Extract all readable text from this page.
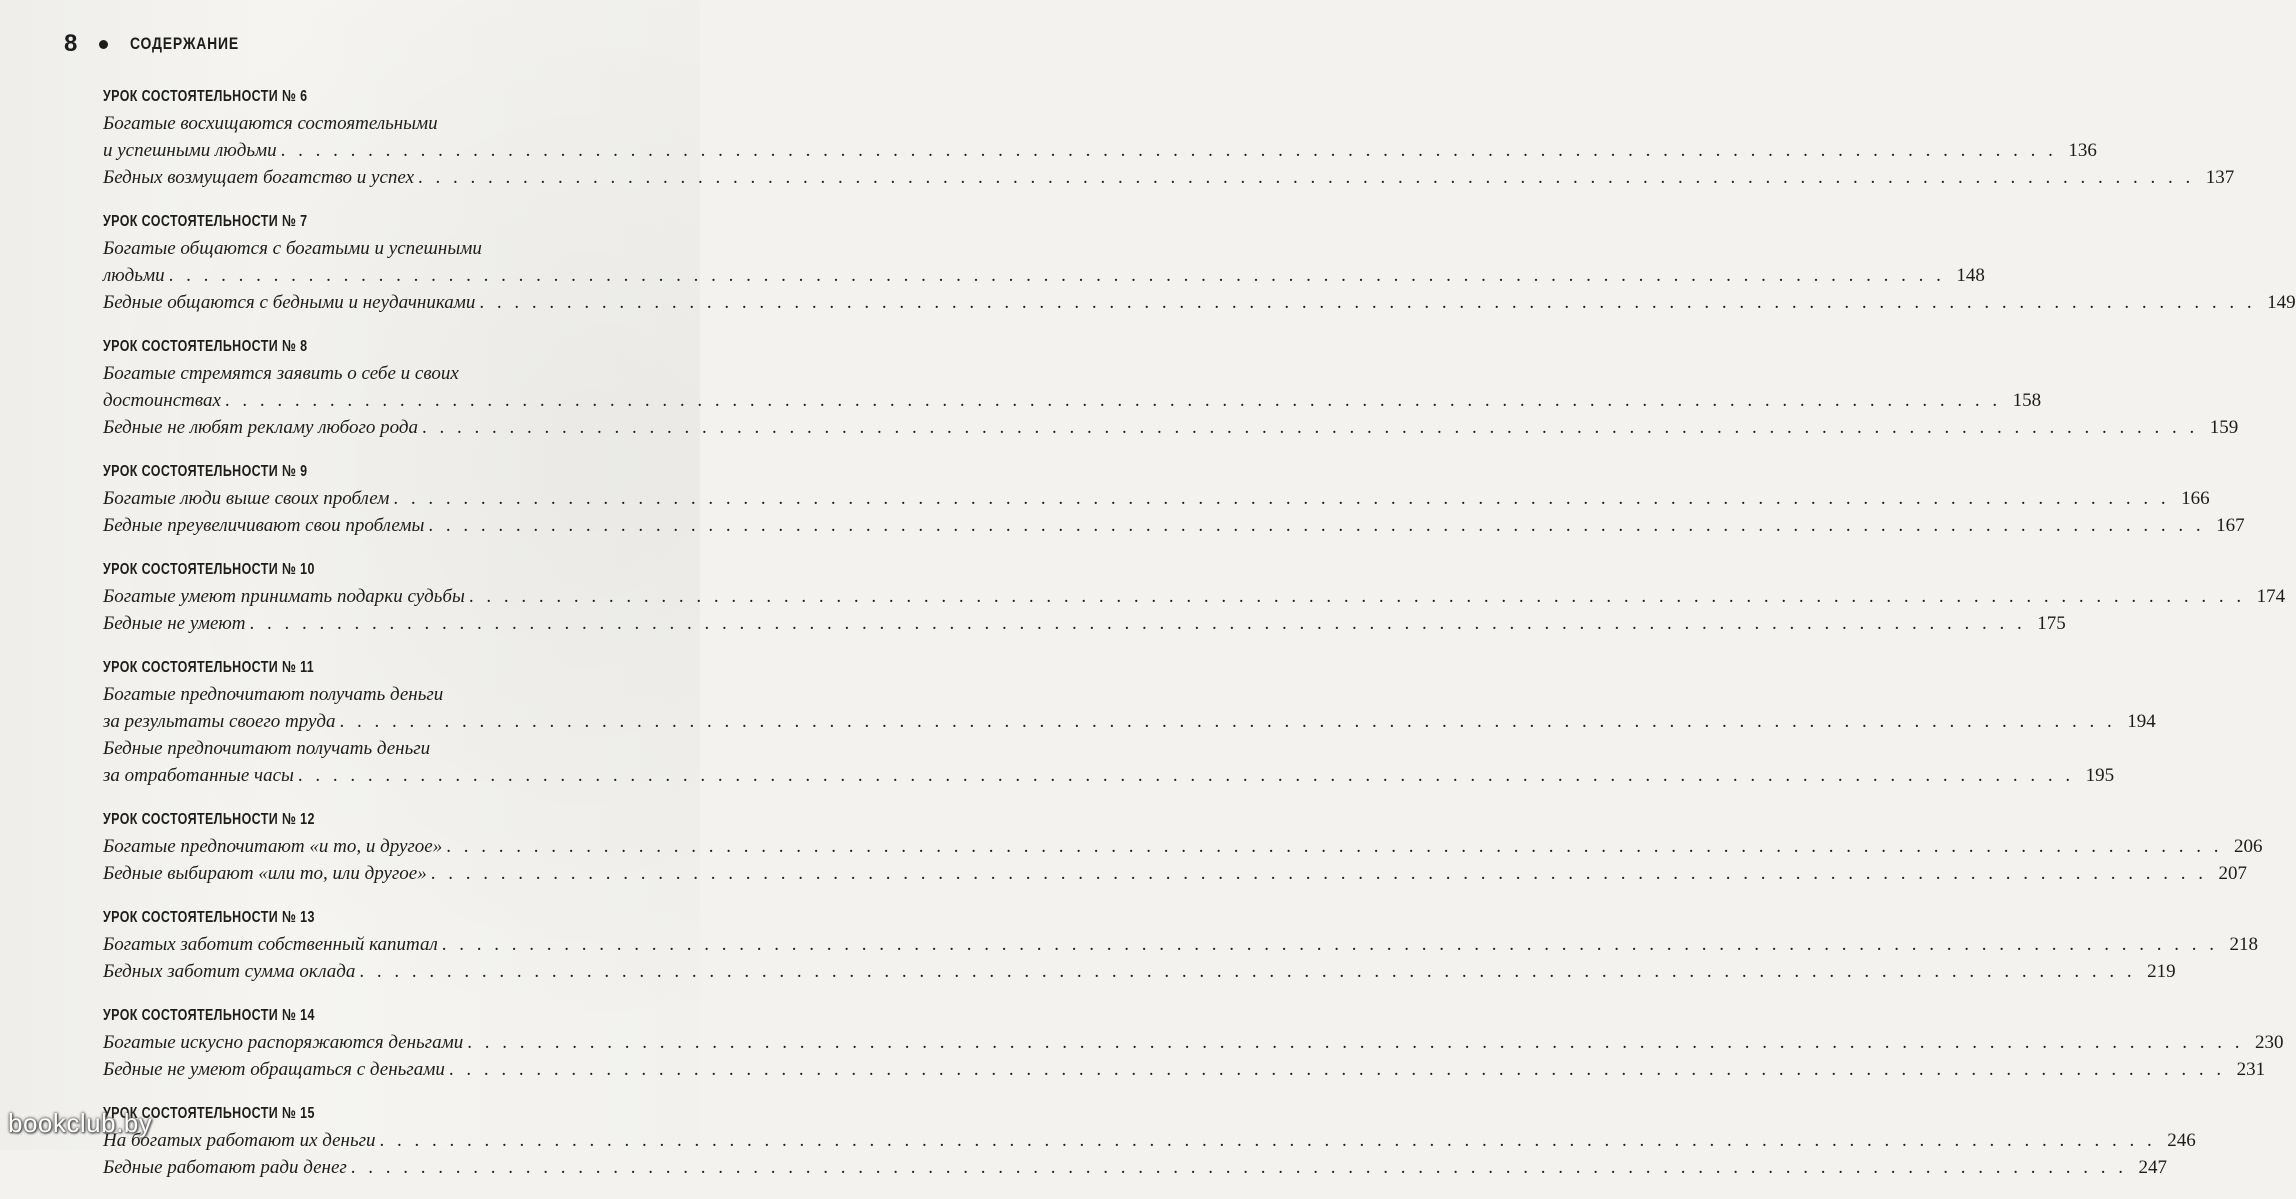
8	СОДЕРЖАНИЕ
УРОК СОСТОЯТЕЛЬНОСТИ № 6
Богатые восхищаются состоятельными
и успешными людьми . . .	136
Бедных возмущает богатство и успех . . .	137
УРОК СОСТОЯТЕЛЬНОСТИ № 7
Богатые общаются с богатыми и успешными
людьми . . .	148
Бедные общаются с бедными и неудачниками . . .	149
УРОК СОСТОЯТЕЛЬНОСТИ № 8
Богатые стремятся заявить о себе и своих
достоинствах . . .	158
Бедные не любят рекламу любого рода . . .	159
УРОК СОСТОЯТЕЛЬНОСТИ № 9
Богатые люди выше своих проблем . . .	166
Бедные преувеличивают свои проблемы . . .	167
УРОК СОСТОЯТЕЛЬНОСТИ № 10
Богатые умеют принимать подарки судьбы . . .	174
Бедные не умеют . . .	175
УРОК СОСТОЯТЕЛЬНОСТИ № 11
Богатые предпочитают получать деньги
за результаты своего труда . . .	194
Бедные предпочитают получать деньги
за отработанные часы . . .	195
УРОК СОСТОЯТЕЛЬНОСТИ № 12
Богатые предпочитают «и то, и другое» . . .	206
Бедные выбирают «или то, или другое» . . .	207
УРОК СОСТОЯТЕЛЬНОСТИ № 13
Богатых заботит собственный капитал . . .	218
Бедных заботит сумма оклада . . .	219
УРОК СОСТОЯТЕЛЬНОСТИ № 14
Богатые искусно распоряжаются деньгами . . .	230
Бедные не умеют обращаться с деньгами . . .	231
УРОК СОСТОЯТЕЛЬНОСТИ № 15
На богатых работают их деньги . . .	246
Бедные работают ради денег . . .	247
bookclub.by
